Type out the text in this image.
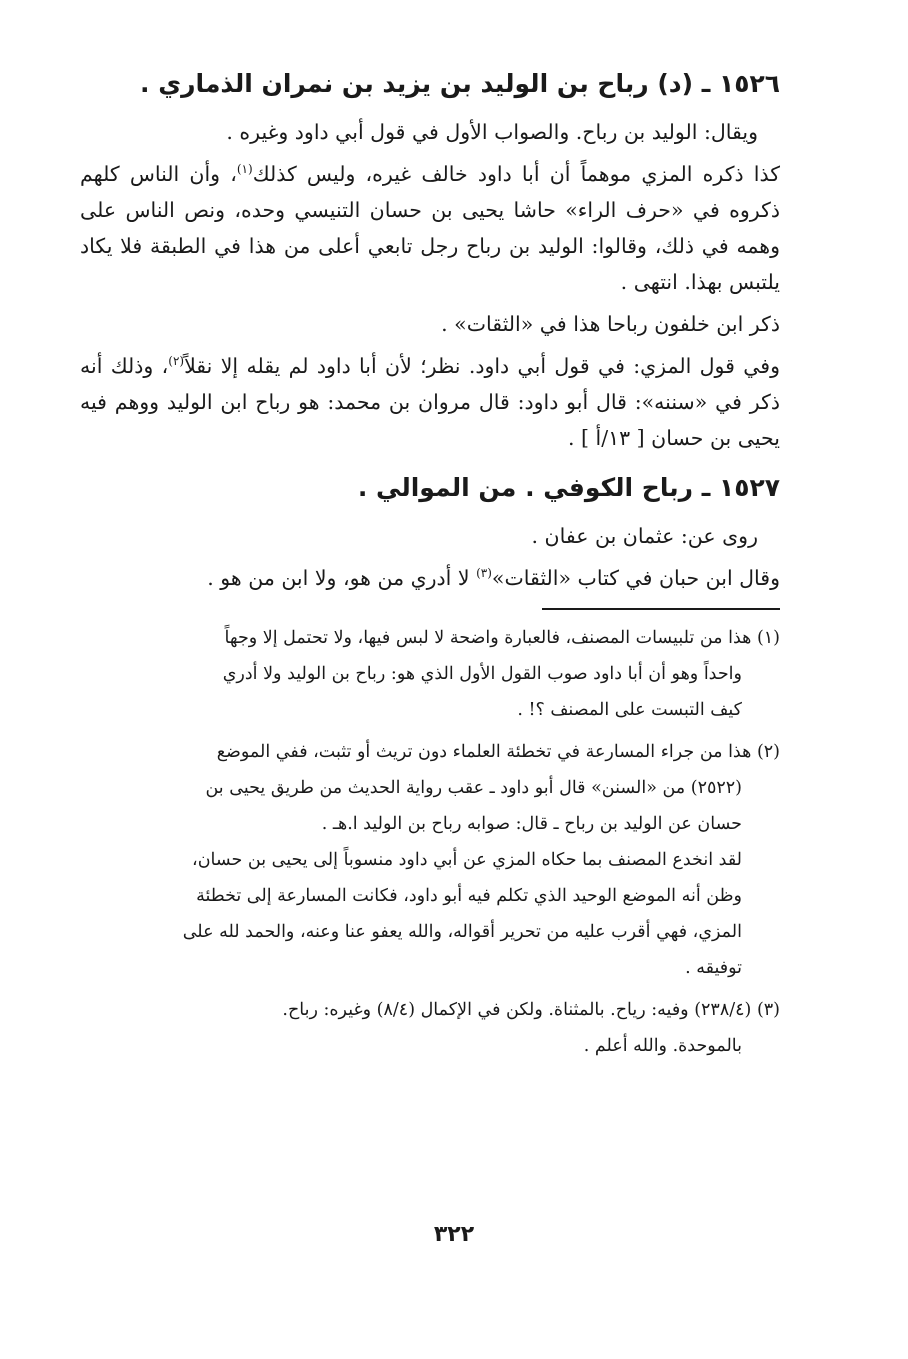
١٥٢٦ ـ (د) رباح بن الوليد بن يزيد بن نمران الذماري .

ويقال: الوليد بن رباح. والصواب الأول في قول أبي داود وغيره .

كذا ذكره المزي موهماً أن أبا داود خالف غيره، وليس كذلك$^{(١)}$، وأن الناس كلهم ذكروه في «حرف الراء» حاشا يحيى بن حسان التنيسي وحده، ونص الناس على وهمه في ذلك، وقالوا: الوليد بن رباح رجل تابعي أعلى من هذا في الطبقة فلا يكاد يلتبس بهذا. انتهى .

ذكر ابن خلفون رباحا هذا في «الثقات» .

وفي قول المزي: في قول أبي داود. نظر؛ لأن أبا داود لم يقله إلا نقلاً$^{(٢)}$، وذلك أنه ذكر في «سننه»: قال أبو داود: قال مروان بن محمد: هو رباح ابن الوليد ووهم فيه يحيى بن حسان [ ١٣/أ ] .

١٥٢٧ ـ رباح الكوفي . من الموالي .

روى عن: عثمان بن عفان .

وقال ابن حبان في كتاب «الثقات»$^{(٣)}$ لا أدري من هو، ولا ابن من هو .

(١) هذا من تلبيسات المصنف، فالعبارة واضحة لا لبس فيها، ولا تحتمل إلا وجهاً
واحداً وهو أن أبا داود صوب القول الأول الذي هو: رباح بن الوليد ولا أدري
كيف التبست على المصنف ؟! .
(٢) هذا من جراء المسارعة في تخطئة العلماء دون تريث أو تثبت، ففي الموضع
(٢٥٢٢) من «السنن» قال أبو داود ـ عقب رواية الحديث من طريق يحيى بن
حسان عن الوليد بن رباح ـ قال: صوابه رباح بن الوليد ا.هـ .
لقد انخدع المصنف بما حكاه المزي عن أبي داود منسوباً إلى يحيى بن حسان،
وظن أنه الموضع الوحيد الذي تكلم فيه أبو داود، فكانت المسارعة إلى تخطئة
المزي، فهي أقرب عليه من تحرير أقواله، والله يعفو عنا وعنه، والحمد لله على
توفيقه .
(٣) (٢٣٨/٤) وفيه: رياح. بالمثناة. ولكن في الإكمال (٨/٤) وغيره: رباح.
بالموحدة. والله أعلم .
٣٢٢
